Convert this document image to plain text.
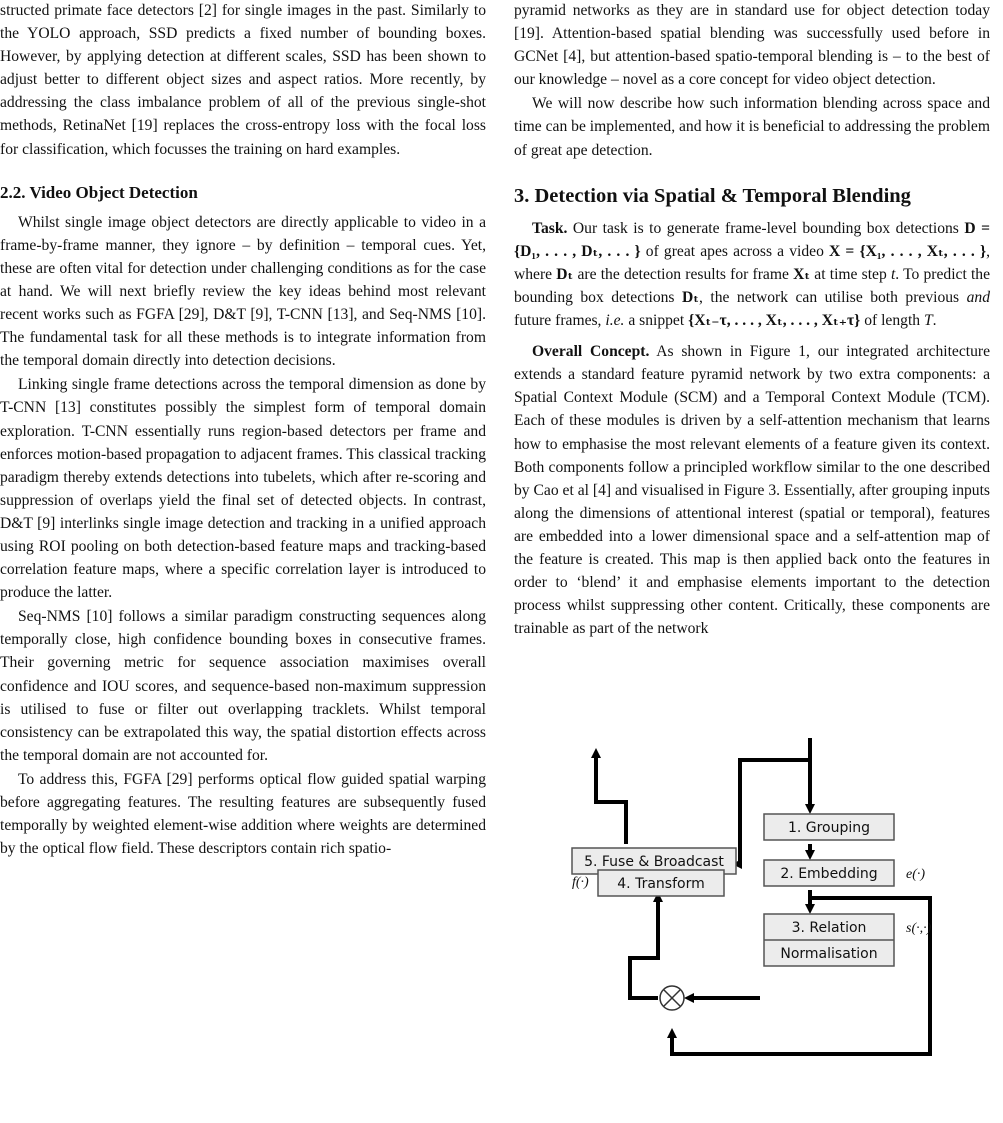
structed primate face detectors [2] for single images in the past. Similarly to the YOLO approach, SSD predicts a fixed number of bounding boxes. However, by applying detection at different scales, SSD has been shown to adjust better to different object sizes and aspect ratios. More recently, by addressing the class imbalance problem of all of the previous single-shot methods, RetinaNet [19] replaces the cross-entropy loss with the focal loss for classification, which focusses the training on hard examples.

2.2. Video Object Detection

Whilst single image object detectors are directly applicable to video in a frame-by-frame manner, they ignore – by definition – temporal cues. Yet, these are often vital for detection under challenging conditions as for the case at hand. We will next briefly review the key ideas behind most relevant recent works such as FGFA [29], D&T [9], T-CNN [13], and Seq-NMS [10]. The fundamental task for all these methods is to integrate information from the temporal domain directly into detection decisions.

Linking single frame detections across the temporal dimension as done by T-CNN [13] constitutes possibly the simplest form of temporal domain exploration. T-CNN essentially runs region-based detectors per frame and enforces motion-based propagation to adjacent frames. This classical tracking paradigm thereby extends detections into tubelets, which after re-scoring and suppression of overlaps yield the final set of detected objects. In contrast, D&T [9] interlinks single image detection and tracking in a unified approach using ROI pooling on both detection-based feature maps and tracking-based correlation feature maps, where a specific correlation layer is introduced to produce the latter.

Seq-NMS [10] follows a similar paradigm constructing sequences along temporally close, high confidence bounding boxes in consecutive frames. Their governing metric for sequence association maximises overall confidence and IOU scores, and sequence-based non-maximum suppression is utilised to fuse or filter out overlapping tracklets. Whilst temporal consistency can be extrapolated this way, the spatial distortion effects across the temporal domain are not accounted for.

To address this, FGFA [29] performs optical flow guided spatial warping before aggregating features. The resulting features are subsequently fused temporally by weighted element-wise addition where weights are determined by the optical flow field. These descriptors contain rich spatio-

pyramid networks as they are in standard use for object detection today [19]. Attention-based spatial blending was successfully used before in GCNet [4], but attention-based spatio-temporal blending is – to the best of our knowledge – novel as a core concept for video object detection.

We will now describe how such information blending across space and time can be implemented, and how it is beneficial to addressing the problem of great ape detection.

3. Detection via Spatial & Temporal Blending

Task. Our task is to generate frame-level bounding box detections D = {D₁, . . . , Dₜ, . . . } of great apes across a video X = {X₁, . . . , Xₜ, . . . }, where Dₜ are the detection results for frame Xₜ at time step t. To predict the bounding box detections Dₜ, the network can utilise both previous and future frames, i.e. a snippet {Xₜ₋τ, . . . , Xₜ, . . . , Xₜ₊τ} of length T.

Overall Concept. As shown in Figure 1, our integrated architecture extends a standard feature pyramid network by two extra components: a Spatial Context Module (SCM) and a Temporal Context Module (TCM). Each of these modules is driven by a self-attention mechanism that learns how to emphasise the most relevant elements of a feature given its context. Both components follow a principled workflow similar to the one described by Cao et al [4] and visualised in Figure 3. Essentially, after grouping inputs along the dimensions of attentional interest (spatial or temporal), features are embedded into a lower dimensional space and a self-attention map of the feature is created. This map is then applied back onto the features in order to ‘blend’ it and emphasise elements important to the detection process whilst suppressing other content. Critically, these components are trainable as part of the network

5. Fuse & Broadcast
1. Grouping
4. Transform
2. Embedding
3. Relation
Normalisation
f(·)
e(·)
s(·,·)
